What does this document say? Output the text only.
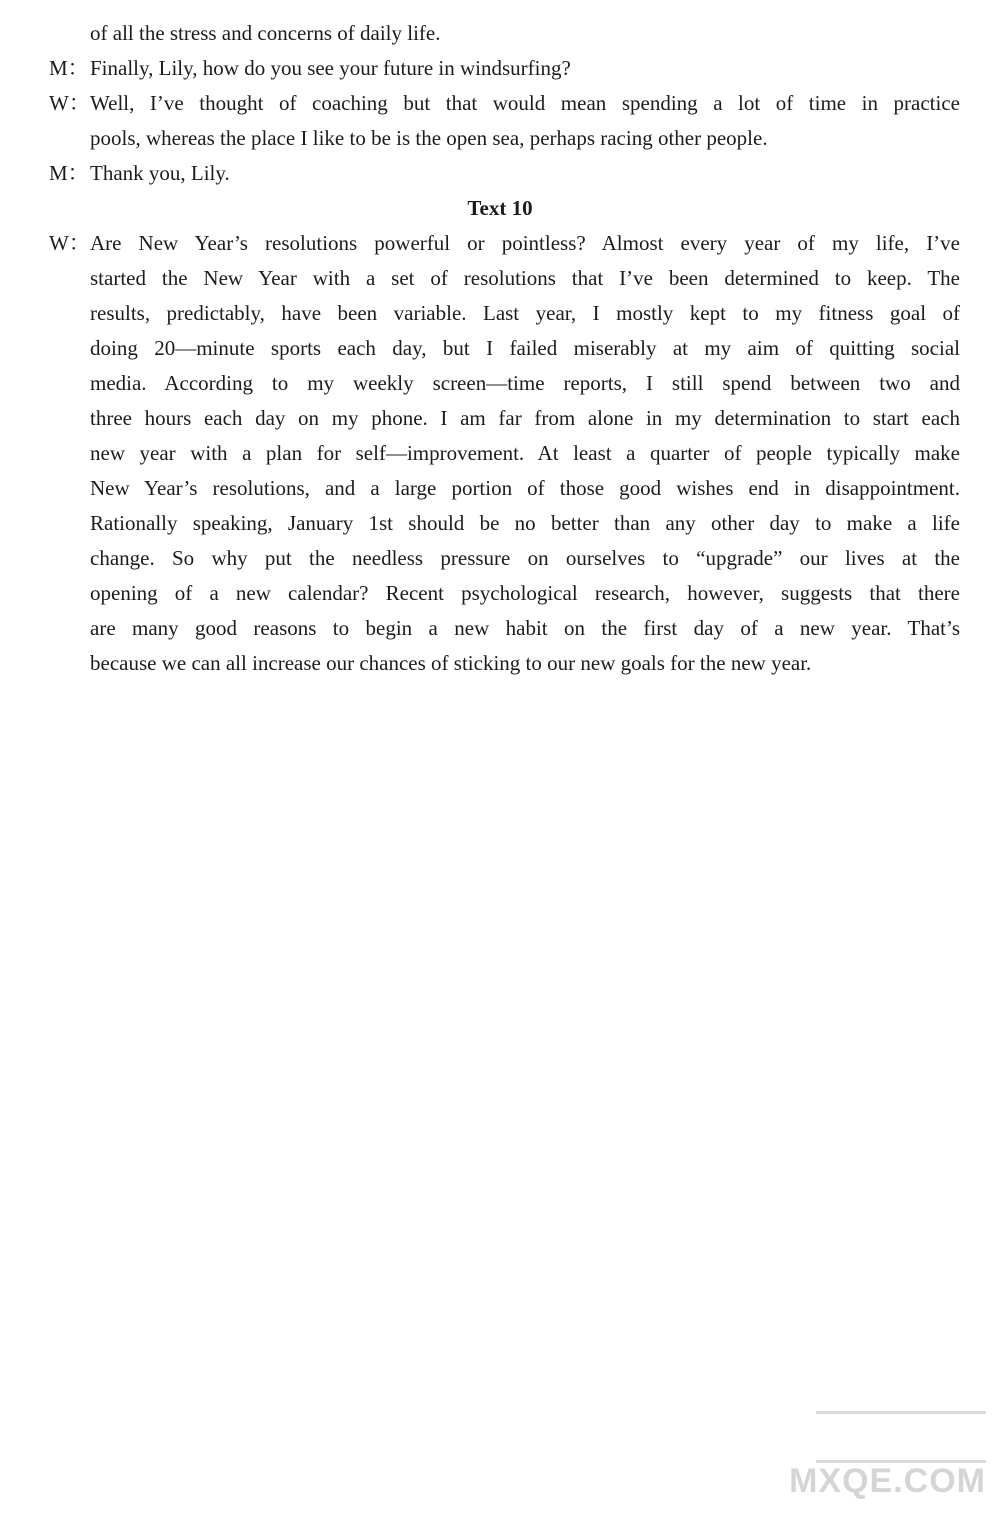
of all the stress and concerns of daily life.
M： Finally, Lily, how do you see your future in windsurfing?
W： Well, I’ve thought of coaching but that would mean spending a lot of time in practice
pools, whereas the place I like to be is the open sea, perhaps racing other people.
M： Thank you, Lily.
Text 10
W： Are New Year’s resolutions powerful or pointless? Almost every year of my life, I’ve
started the New Year with a set of resolutions that I’ve been determined to keep. The
results, predictably, have been variable. Last year, I mostly kept to my fitness goal of
doing 20—minute sports each day, but I failed miserably at my aim of quitting social
media. According to my weekly screen—time reports, I still spend between two and
three hours each day on my phone. I am far from alone in my determination to start each
new year with a plan for self—improvement. At least a quarter of people typically make
New Year’s resolutions, and a large portion of those good wishes end in disappointment.
Rationally speaking, January 1st should be no better than any other day to make a life
change. So why put the needless pressure on ourselves to “upgrade” our lives at the
opening of a new calendar? Recent psychological research, however, suggests that there
are many good reasons to begin a new habit on the first day of a new year. That’s
because we can all increase our chances of sticking to our new goals for the new year.
MXQE.COM
